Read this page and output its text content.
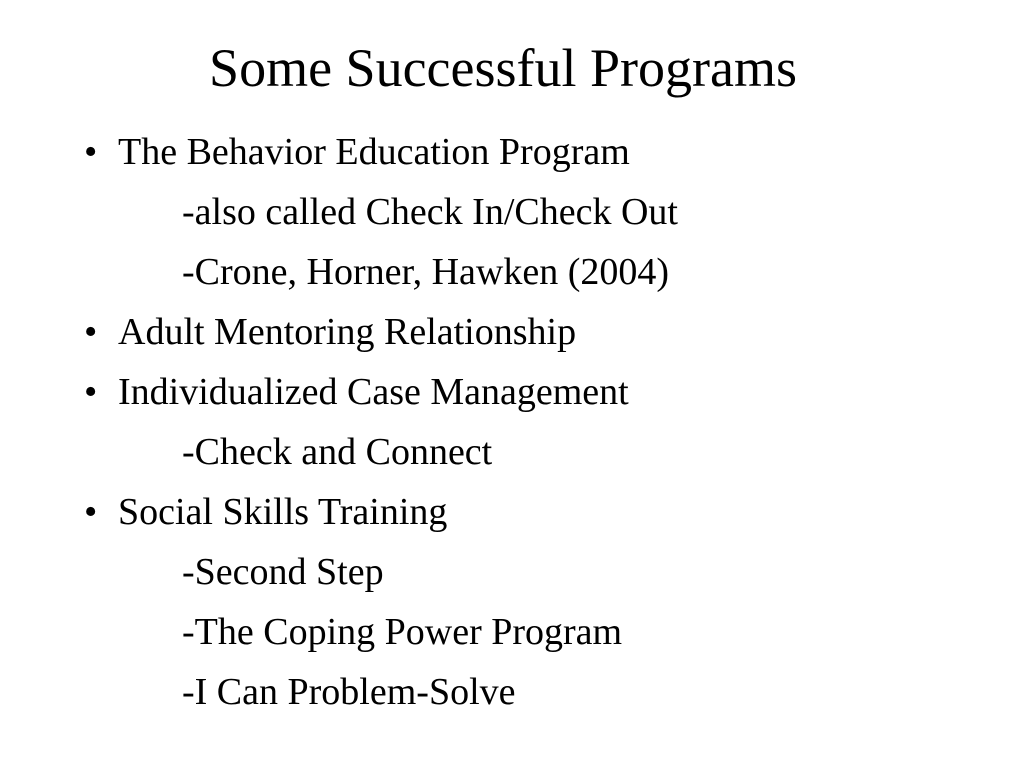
Some Successful Programs
• The Behavior Education Program
-also called Check In/Check Out
-Crone, Horner, Hawken (2004)
• Adult Mentoring Relationship
• Individualized Case Management
-Check and Connect
• Social Skills Training
-Second Step
-The Coping Power Program
-I Can Problem-Solve
